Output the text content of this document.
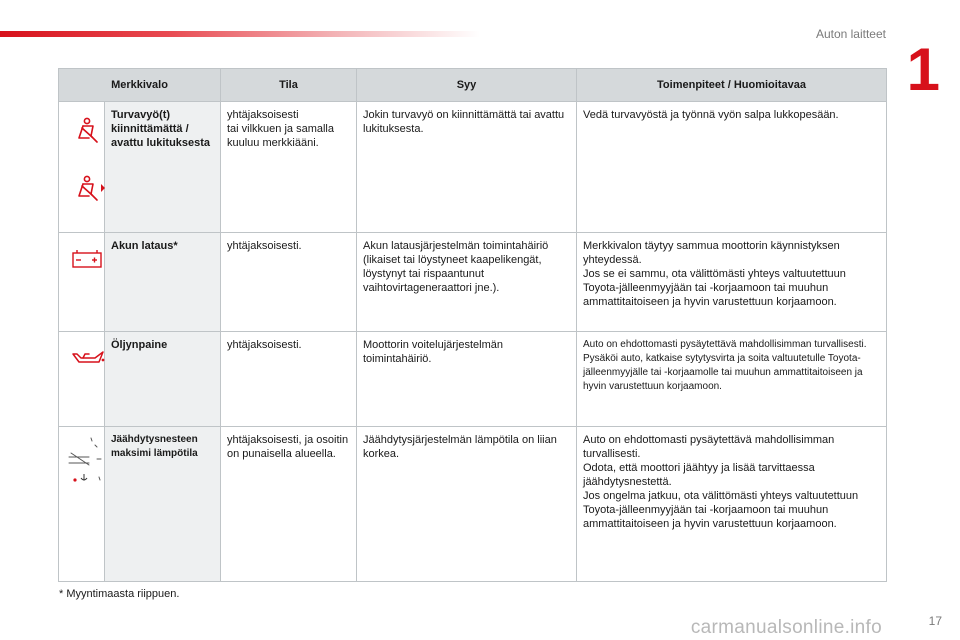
Auton laitteet
1
Merkkivalo		Tila	Syy	Toimenpiteet / Huomioitavaa
	Turvavyö(t) kiinnittämättä / avattu lukituksesta	yhtäjaksoisesti
tai vilkkuen ja samalla kuuluu merkkiääni.	Jokin turvavyö on kiinnittämättä tai avattu lukituksesta.	Vedä turvavyöstä ja työnnä vyön salpa lukkopesään.
	Akun lataus*	yhtäjaksoisesti.	Akun latausjärjestelmän toimintahäiriö (likaiset tai löystyneet kaapelikengät, löystynyt tai rispaantunut vaihtovirtageneraattori jne.).	Merkkivalon täytyy sammua moottorin käynnistyksen yhteydessä.
Jos se ei sammu, ota välittömästi yhteys valtuutettuun Toyota-jälleenmyyjään tai -korjaamoon tai muuhun ammattitaitoiseen ja hyvin varustettuun korjaamoon.
	Öljynpaine	yhtäjaksoisesti.	Moottorin voitelujärjestelmän toimintahäiriö.	Auto on ehdottomasti pysäytettävä mahdollisimman turvallisesti.
Pysäköi auto, katkaise sytytysvirta ja soita valtuutetulle Toyota-jälleenmyyjälle tai -korjaamolle tai muuhun ammattitaitoiseen ja hyvin varustettuun korjaamoon.
	Jäähdytysnesteen maksimi lämpötila	yhtäjaksoisesti, ja osoitin on punaisella alueella.	Jäähdytysjärjestelmän lämpötila on liian korkea.	Auto on ehdottomasti pysäytettävä mahdollisimman turvallisesti.
Odota, että moottori jäähtyy ja lisää tarvittaessa jäähdytysnestettä.
Jos ongelma jatkuu, ota välittömästi yhteys valtuutettuun Toyota-jälleenmyyjään tai -korjaamoon tai muuhun ammattitaitoiseen ja hyvin varustettuun korjaamoon.
* Myyntimaasta riippuen.
carmanualsonline.info	17
